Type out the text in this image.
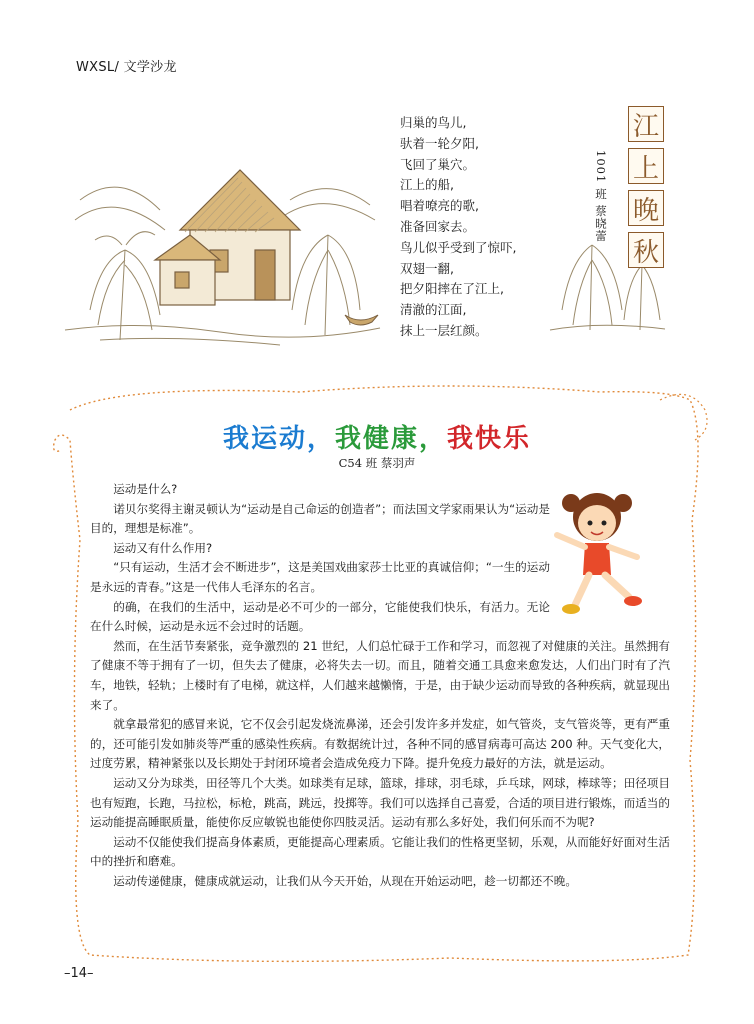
WXSL/ 文学沙龙
归巢的鸟儿,
驮着一轮夕阳,
飞回了巢穴。
江上的船,
唱着嘹亮的歌,
准备回家去。
鸟儿似乎受到了惊吓,
双翅一翻,
把夕阳摔在了江上,
清澈的江面,
抹上一层红颜。
1001 班 蔡晓蕾
江
上
晚
秋
我运动，我健康，我快乐
C54 班 蔡羽声

运动是什么?

诺贝尔奖得主谢灵顿认为“运动是自己命运的创造者”；而法国文学家雨果认为“运动是目的，理想是标准”。

运动又有什么作用?

“只有运动，生活才会不断进步”，这是美国戏曲家莎士比亚的真诚信仰；“一生的运动是永远的青春。”这是一代伟人毛泽东的名言。

的确，在我们的生活中，运动是必不可少的一部分，它能使我们快乐，有活力。无论在什么时候，运动是永远不会过时的话题。

然而，在生活节奏紧张，竞争激烈的 21 世纪，人们总忙碌于工作和学习，而忽视了对健康的关注。虽然拥有了健康不等于拥有了一切，但失去了健康，必将失去一切。而且，随着交通工具愈来愈发达，人们出门时有了汽车，地铁，轻轨；上楼时有了电梯，就这样，人们越来越懒惰，于是，由于缺少运动而导致的各种疾病，就显现出来了。

就拿最常犯的感冒来说，它不仅会引起发烧流鼻涕，还会引发许多并发症，如气管炎，支气管炎等，更有严重的，还可能引发如肺炎等严重的感染性疾病。有数据统计过，各种不同的感冒病毒可高达 200 种。天气变化大，过度劳累，精神紧张以及长期处于封闭环境者会造成免疫力下降。提升免疫力最好的方法，就是运动。

运动又分为球类，田径等几个大类。如球类有足球，篮球，排球，羽毛球，乒乓球，网球，棒球等；田径项目也有短跑，长跑，马拉松，标枪，跳高，跳远，投掷等。我们可以选择自己喜爱，合适的项目进行锻炼，而适当的运动能提高睡眠质量，能使你反应敏锐也能使你四肢灵活。运动有那么多好处，我们何乐而不为呢?

运动不仅能使我们提高身体素质，更能提高心理素质。它能让我们的性格更坚韧，乐观，从而能好好面对生活中的挫折和磨难。

运动传递健康，健康成就运动，让我们从今天开始，从现在开始运动吧，趁一切都还不晚。

–14–
